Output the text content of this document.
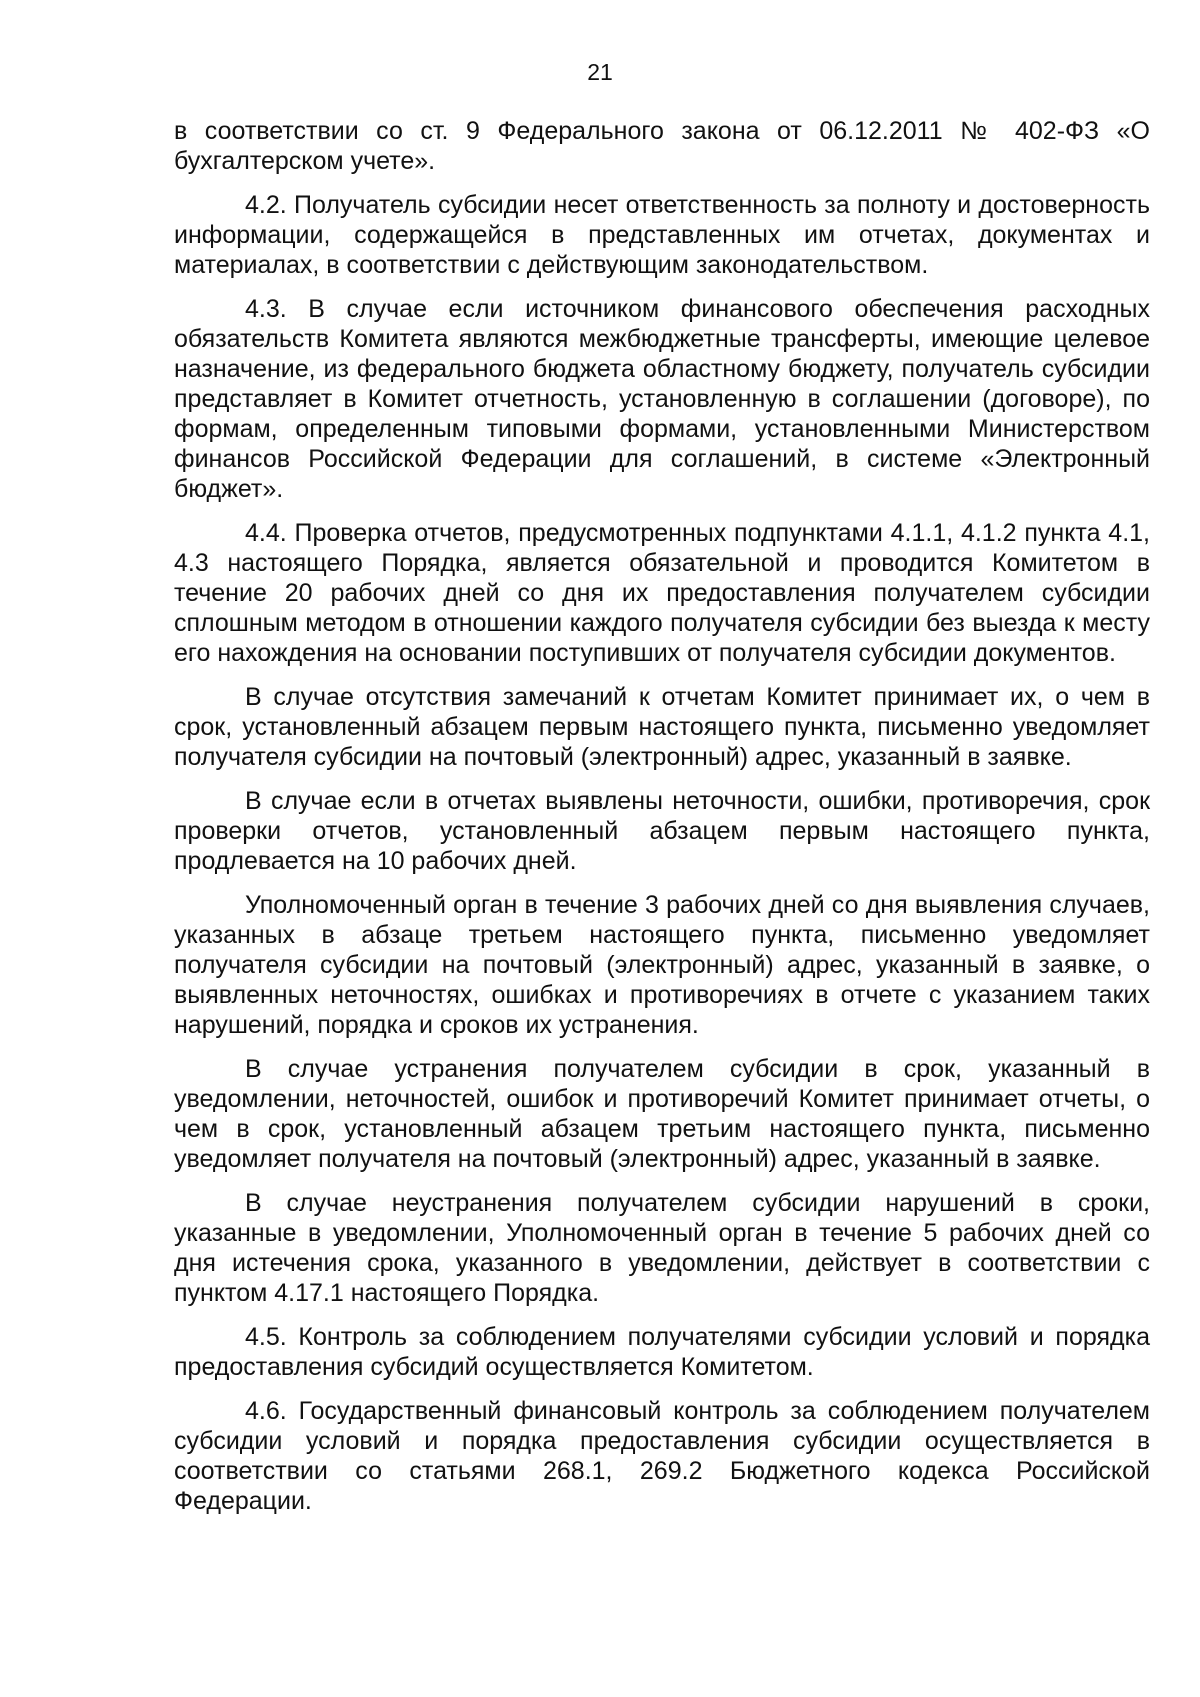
21

в соответствии со ст. 9 Федерального закона от 06.12.2011 № 402-ФЗ «О бухгалтерском учете».

4.2. Получатель субсидии несет ответственность за полноту и достоверность информации, содержащейся в представленных им отчетах, документах и материалах, в соответствии с действующим законодательством.

4.3. В случае если источником финансового обеспечения расходных обязательств Комитета являются межбюджетные трансферты, имеющие целевое назначение, из федерального бюджета областному бюджету, получатель субсидии представляет в Комитет отчетность, установленную в соглашении (договоре), по формам, определенным типовыми формами, установленными Министерством финансов Российской Федерации для соглашений, в системе «Электронный бюджет».

4.4. Проверка отчетов, предусмотренных подпунктами 4.1.1, 4.1.2 пункта 4.1, 4.3 настоящего Порядка, является обязательной и проводится Комитетом в течение 20 рабочих дней со дня их предоставления получателем субсидии сплошным методом в отношении каждого получателя субсидии без выезда к месту его нахождения на основании поступивших от получателя субсидии документов.

В случае отсутствия замечаний к отчетам Комитет принимает их, о чем в срок, установленный абзацем первым настоящего пункта, письменно уведомляет получателя субсидии на почтовый (электронный) адрес, указанный в заявке.

В случае если в отчетах выявлены неточности, ошибки, противоречия, срок проверки отчетов, установленный абзацем первым настоящего пункта, продлевается на 10 рабочих дней.

Уполномоченный орган в течение 3 рабочих дней со дня выявления случаев, указанных в абзаце третьем настоящего пункта, письменно уведомляет получателя субсидии на почтовый (электронный) адрес, указанный в заявке, о выявленных неточностях, ошибках и противоречиях в отчете с указанием таких нарушений, порядка и сроков их устранения.

В случае устранения получателем субсидии в срок, указанный в уведомлении, неточностей, ошибок и противоречий Комитет принимает отчеты, о чем в срок, установленный абзацем третьим настоящего пункта, письменно уведомляет получателя на почтовый (электронный) адрес, указанный в заявке.

В случае неустранения получателем субсидии нарушений в сроки, указанные в уведомлении, Уполномоченный орган в течение 5 рабочих дней со дня истечения срока, указанного в уведомлении, действует в соответствии с пунктом 4.17.1 настоящего Порядка.

4.5. Контроль за соблюдением получателями субсидии условий и порядка предоставления субсидий осуществляется Комитетом.

4.6. Государственный финансовый контроль за соблюдением получателем субсидии условий и порядка предоставления субсидии осуществляется в соответствии со статьями 268.1, 269.2 Бюджетного кодекса Российской Федерации.
